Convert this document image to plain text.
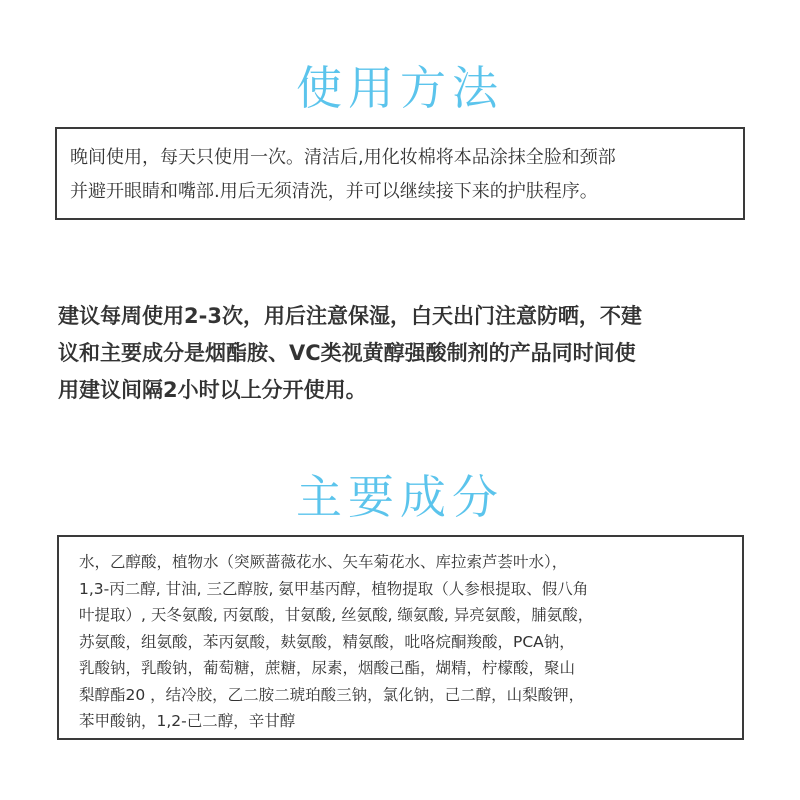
使用方法
晚间使用，每天只使用一次。清洁后,用化妆棉将本品涂抹全脸和颈部
并避开眼睛和嘴部.用后无须清洗，并可以继续接下来的护肤程序。
建议每周使用2-3次，用后注意保湿，白天出门注意防晒，不建
议和主要成分是烟酯胺、VC类视黄醇强酸制剂的产品同时间使
用建议间隔2小时以上分开使用。
主要成分
水，乙醇酸，植物水（突厥蔷薇花水、矢车菊花水、库拉索芦荟叶水），
1,3-丙二醇, 甘油, 三乙醇胺, 氨甲基丙醇，植物提取（人参根提取、假八角
叶提取）, 天冬氨酸, 丙氨酸，甘氨酸, 丝氨酸, 缬氨酸, 异亮氨酸，脯氨酸，
苏氨酸，组氨酸，苯丙氨酸，麸氨酸，精氨酸，吡咯烷酮羧酸，PCA钠，
乳酸钠，乳酸钠，葡萄糖，蔗糖，尿素，烟酸己酯，煳精，柠檬酸，聚山
梨醇酯20 ，结冷胶，乙二胺二琥珀酸三钠，氯化钠，己二醇，山梨酸钾，
苯甲酸钠，1,2-己二醇，辛甘醇
